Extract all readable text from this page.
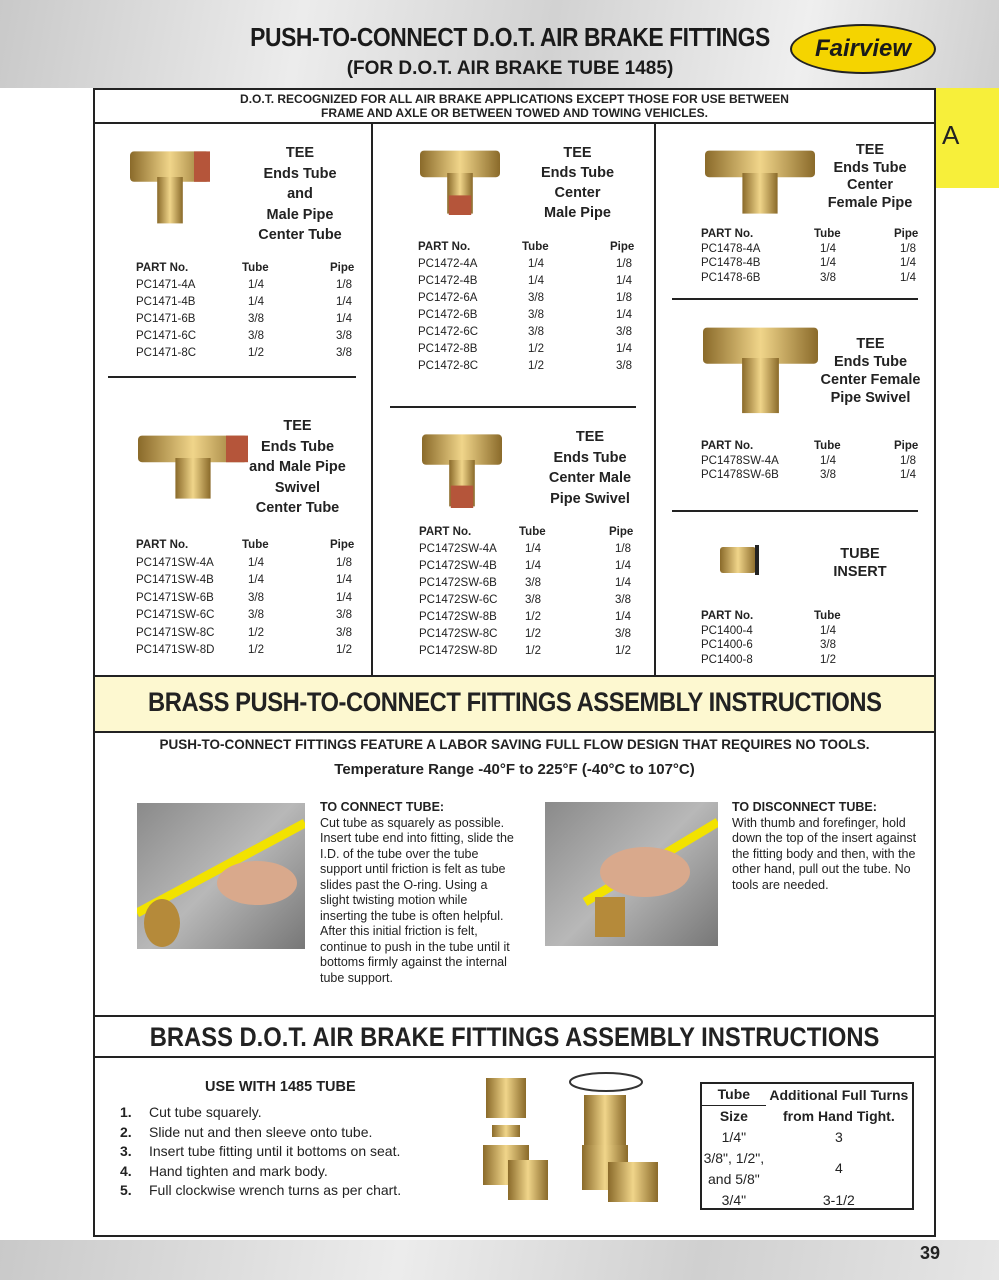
PUSH-TO-CONNECT D.O.T. AIR BRAKE FITTINGS
(FOR D.O.T. AIR BRAKE TUBE 1485)
Fairview
A
D.O.T. RECOGNIZED FOR ALL AIR BRAKE APPLICATIONS EXCEPT THOSE FOR USE BETWEEN
FRAME AND AXLE OR BETWEEN TOWED AND TOWING VEHICLES.
TEE
Ends Tube
and
Male Pipe
Center Tube
PART No.	Tube	Pipe
PC1471-4A	1/4	1/8
PC1471-4B	1/4	1/4
PC1471-6B	3/8	1/4
PC1471-6C	3/8	3/8
PC1471-8C	1/2	3/8
TEE
Ends Tube
and Male Pipe
Swivel
Center Tube
PART No.	Tube	Pipe
PC1471SW-4A	1/4	1/8
PC1471SW-4B	1/4	1/4
PC1471SW-6B	3/8	1/4
PC1471SW-6C	3/8	3/8
PC1471SW-8C	1/2	3/8
PC1471SW-8D	1/2	1/2
TEE
Ends Tube
Center
Male Pipe
PART No.	Tube	Pipe
PC1472-4A	1/4	1/8
PC1472-4B	1/4	1/4
PC1472-6A	3/8	1/8
PC1472-6B	3/8	1/4
PC1472-6C	3/8	3/8
PC1472-8B	1/2	1/4
PC1472-8C	1/2	3/8
TEE
Ends Tube
Center Male
Pipe Swivel
PART No.	Tube	Pipe
PC1472SW-4A 1/4	1/8
PC1472SW-4B 1/4	1/4
PC1472SW-6B 3/8	1/4
PC1472SW-6C 3/8	3/8
PC1472SW-8B 1/2	1/4
PC1472SW-8C 1/2	3/8
PC1472SW-8D 1/2	1/2
TEE
Ends Tube
Center
Female Pipe
PART No.	Tube	Pipe
PC1478-4A	1/4	1/8
PC1478-4B	1/4	1/4
PC1478-6B	3/8	1/4
TEE
Ends Tube
Center Female
Pipe Swivel
PART No.	Tube	Pipe
PC1478SW-4A	1/4	1/8
PC1478SW-6B	3/8	1/4
TUBE
INSERT
PART No.	Tube
PC1400-4	1/4
PC1400-6	3/8
PC1400-8	1/2
BRASS PUSH-TO-CONNECT FITTINGS ASSEMBLY INSTRUCTIONS
PUSH-TO-CONNECT FITTINGS FEATURE A LABOR SAVING FULL FLOW DESIGN THAT REQUIRES NO TOOLS.
Temperature Range -40°F to 225°F (-40°C to 107°C)
TO CONNECT TUBE:
Cut tube as squarely as possible. Insert tube end into fitting, slide the I.D. of the tube over the tube support until friction is felt as tube slides past the O-ring. Using a slight twisting motion while inserting the tube is often helpful. After this initial friction is felt, continue to push in the tube until it bottoms firmly against the internal tube support.
TO DISCONNECT TUBE:
With thumb and forefinger, hold down the top of the insert against the fitting body and then, with the other hand, pull out the tube. No tools are needed.
BRASS D.O.T. AIR BRAKE FITTINGS ASSEMBLY INSTRUCTIONS
USE WITH 1485 TUBE
1. Cut tube squarely.
2. Slide nut and then sleeve onto tube.
3. Insert tube fitting until it bottoms on seat.
4. Hand tighten and mark body.
5. Full clockwise wrench turns as per chart.
Tube	Additional Full Turns
Size	from Hand Tight.
1/4"	3
3/8", 1/2",	4
and 5/8"	
3/4"	3-1/2
39
